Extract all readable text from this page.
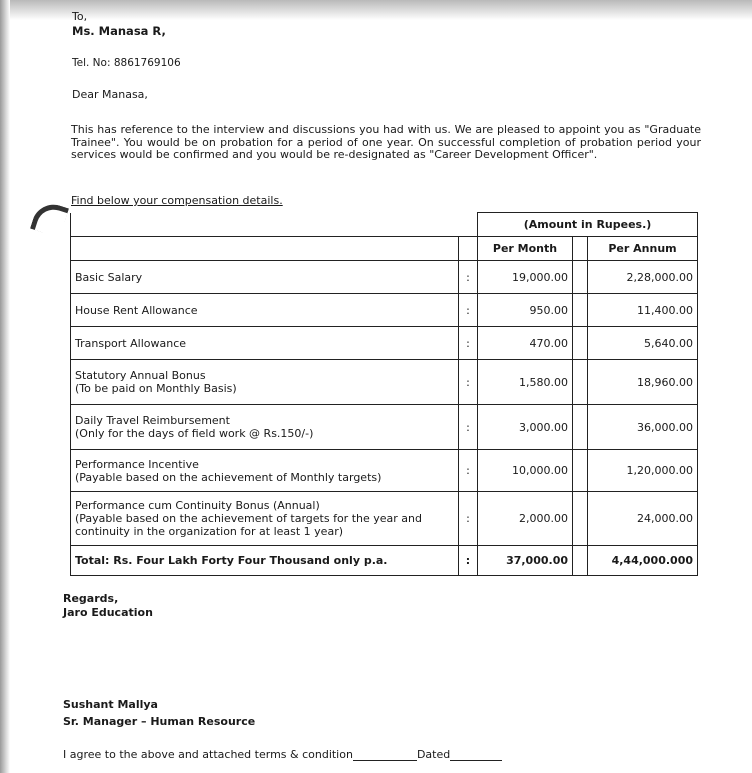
To,
Ms. Manasa R,
Tel. No: 8861769106
Dear Manasa,
This has reference to the interview and discussions you had with us. We are pleased to appoint you as "Graduate Trainee". You would be on probation for a period of one year. On successful completion of probation period your services would be confirmed and you would be re-designated as "Career Development Officer".
Find below your compensation details.
		(Amount in Rupees.)		
		Per Month		Per Annum

Basic Salary	:	19,000.00		2,28,000.00

House Rent Allowance	:	950.00		11,400.00

Transport Allowance	:	470.00		5,640.00

Statutory Annual Bonus
(To be paid on Monthly Basis)	:	1,580.00		18,960.00

Daily Travel Reimbursement
(Only for the days of field work @ Rs.150/-)	:	3,000.00		36,000.00

Performance Incentive
(Payable based on the achievement of Monthly targets)	:	10,000.00		1,20,000.00

Performance cum Continuity Bonus (Annual)
(Payable based on the achievement of targets for the year and
continuity in the organization for at least 1 year)	:	2,000.00		24,000.00
Total: Rs. Four Lakh Forty Four Thousand only p.a.	:	37,000.00		4,44,000.000
Regards,
Jaro Education
Sushant Mallya
Sr. Manager – Human Resource
I agree to the above and attached terms & condition	Dated
